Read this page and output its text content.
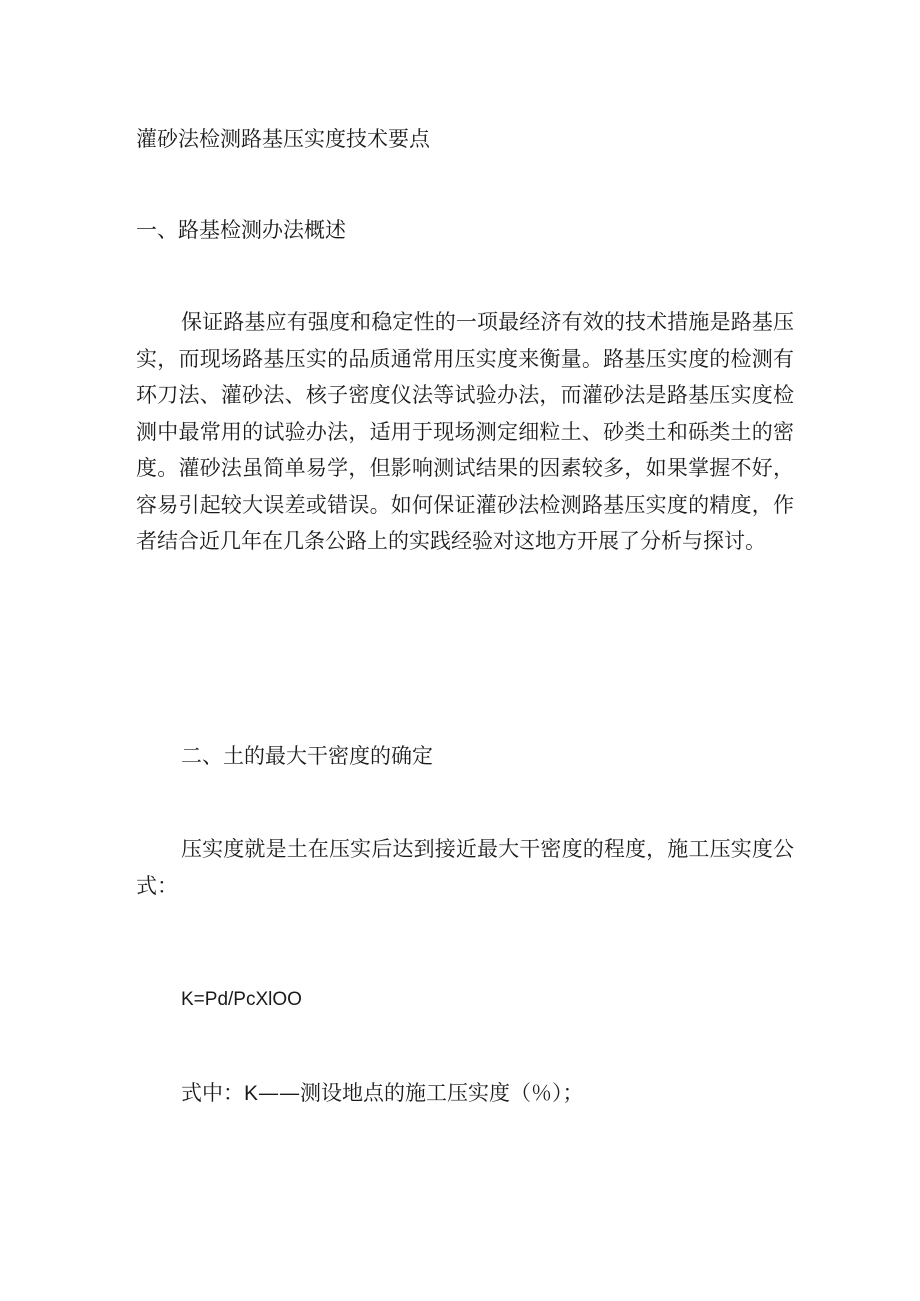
灌砂法检测路基压实度技术要点
一、路基检测办法概述

保证路基应有强度和稳定性的一项最经济有效的技术措施是路基压实，而现场路基压实的品质通常用压实度来衡量。路基压实度的检测有环刀法、灌砂法、核子密度仪法等试验办法，而灌砂法是路基压实度检测中最常用的试验办法，适用于现场测定细粒土、砂类土和砾类土的密度。灌砂法虽简单易学，但影响测试结果的因素较多，如果掌握不好，容易引起较大误差或错误。如何保证灌砂法检测路基压实度的精度，作者结合近几年在几条公路上的实践经验对这地方开展了分析与探讨。

二、土的最大干密度的确定

压实度就是土在压实后达到接近最大干密度的程度，施工压实度公式：

K=Pd/PcXlOO
式中：K——测设地点的施工压实度（％）；
